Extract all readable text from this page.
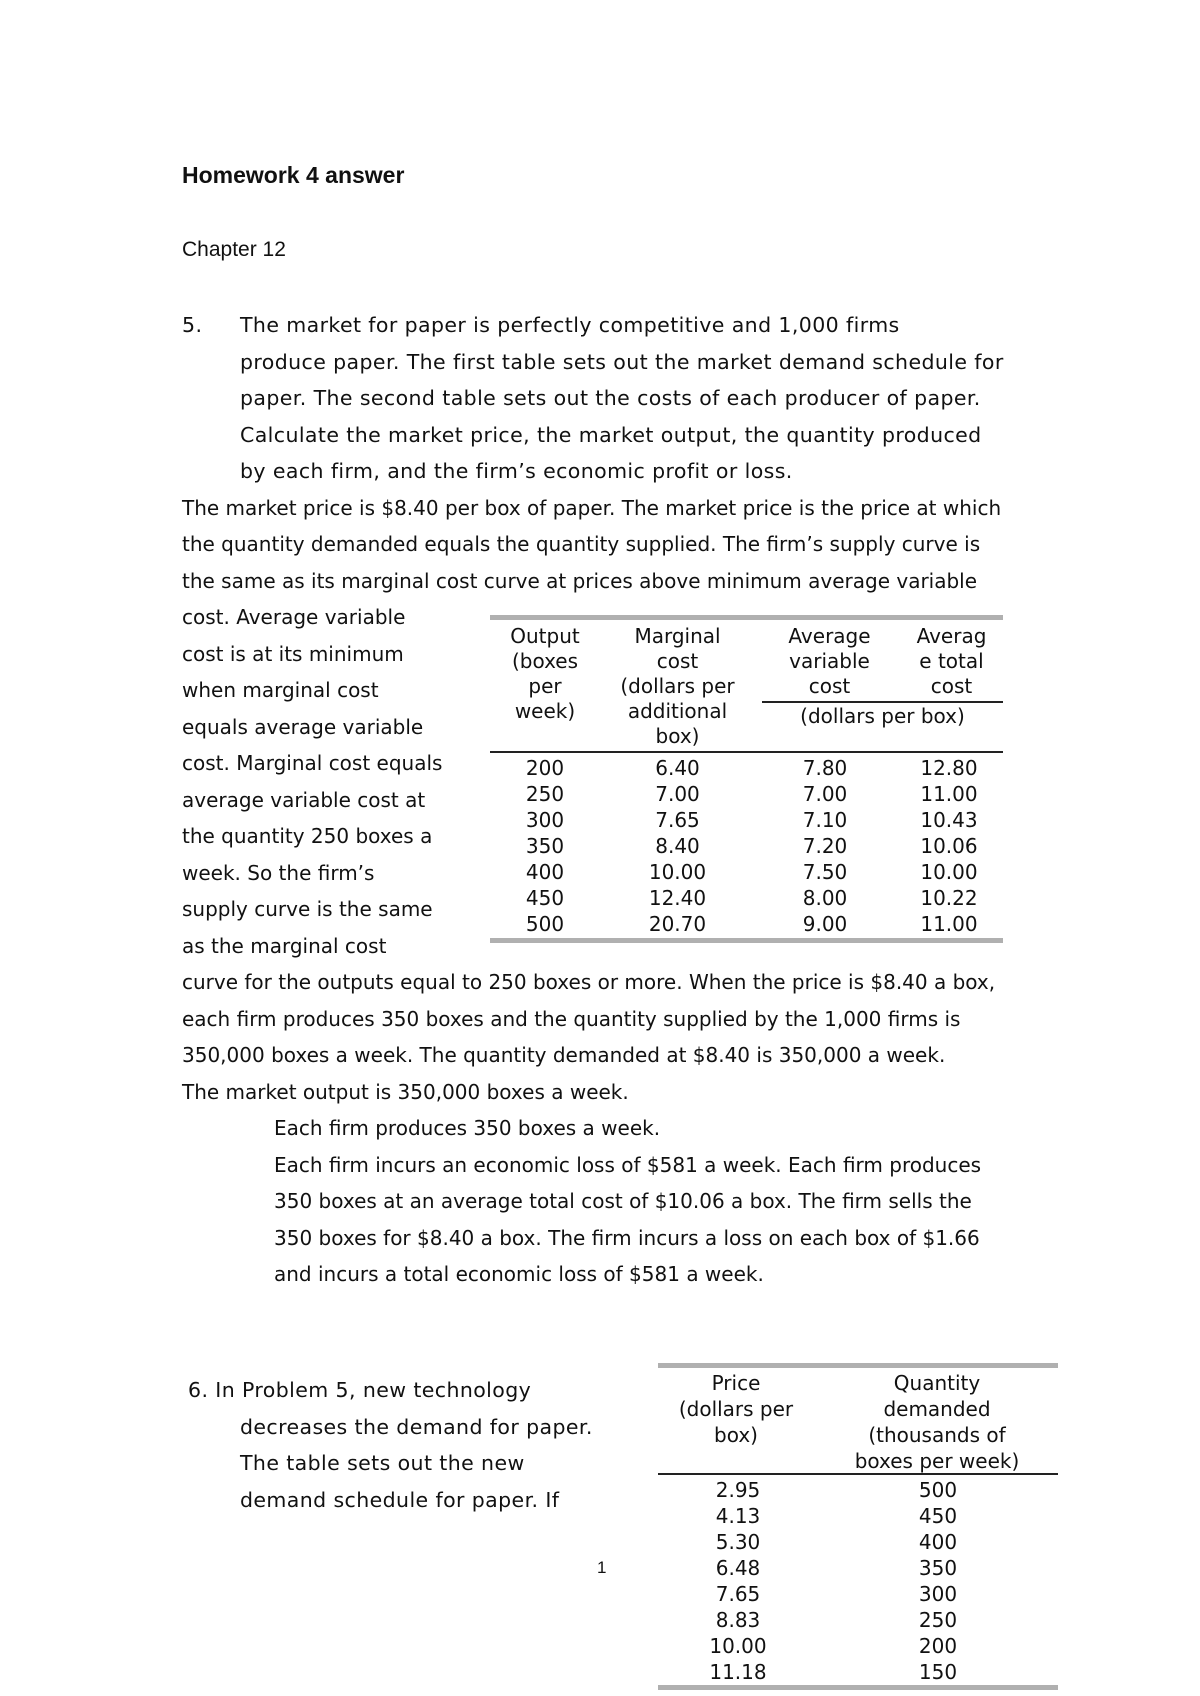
Homework 4 answer
Chapter 12
5. The market for paper is perfectly competitive and 1,000 firms
produce paper. The first table sets out the market demand schedule for
paper. The second table sets out the costs of each producer of paper.
Calculate the market price, the market output, the quantity produced
by each firm, and the firm’s economic profit or loss.
The market price is $8.40 per box of paper. The market price is the price at which
the quantity demanded equals the quantity supplied. The firm’s supply curve is
the same as its marginal cost curve at prices above minimum average variable
cost. Average variable
cost is at its minimum
when marginal cost
equals average variable
cost. Marginal cost equals
average variable cost at
the quantity 250 boxes a
week. So the firm’s
supply curve is the same
as the marginal cost
curve for the outputs equal to 250 boxes or more. When the price is $8.40 a box,
each firm produces 350 boxes and the quantity supplied by the 1,000 firms is
350,000 boxes a week. The quantity demanded at $8.40 is 350,000 a week.
The market output is 350,000 boxes a week.
Each firm produces 350 boxes a week.
Each firm incurs an economic loss of $581 a week. Each firm produces
350 boxes at an average total cost of $10.06 a box. The firm sells the
350 boxes for $8.40 a box. The firm incurs a loss on each box of $1.66
and incurs a total economic loss of $581 a week.
Output
(boxes
per
week)
Marginal
cost
(dollars per
additional
box)
Average
variable
cost
Averag
e total
cost
(dollars per box)
200	6.40	7.80	12.80
250	7.00	7.00	11.00
300	7.65	7.10	10.43
350	8.40	7.20	10.06
400	10.00	7.50	10.00
450	12.40	8.00	10.22
500	20.70	9.00	11.00
6. In Problem 5, new technology
decreases the demand for paper.
The table sets out the new
demand schedule for paper. If
Price
(dollars per
box)
Quantity
demanded
(thousands of
boxes per week)
2.95	500
4.13	450
5.30	400
6.48	350
7.65	300
8.83	250
10.00	200
11.18	150
1
